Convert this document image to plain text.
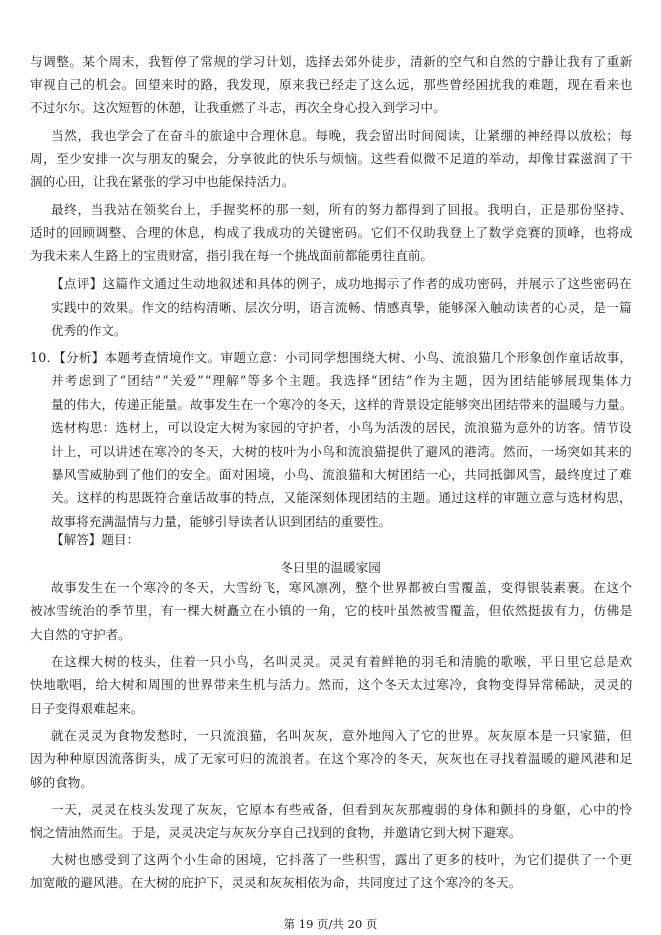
与调整。某个周末，我暂停了常规的学习计划，选择去郊外徒步，清新的空气和自然的宁静让我有了重新
审视自己的机会。回望来时的路，我发现，原来我已经走了这么远，那些曾经困扰我的难题，现在看来也
不过尔尔。这次短暂的休憩，让我重燃了斗志，再次全身心投入到学习中。
当然，我也学会了在奋斗的旅途中合理休息。每晚，我会留出时间阅读，让紧绷的神经得以放松；每
周，至少安排一次与朋友的聚会，分享彼此的快乐与烦恼。这些看似微不足道的举动，却像甘霖滋润了干
涸的心田，让我在紧张的学习中也能保持活力。
最终，当我站在领奖台上，手握奖杯的那一刻，所有的努力都得到了回报。我明白，正是那份坚持、
适时的回顾调整、合理的休息，构成了我成功的关键密码。它们不仅助我登上了数学竞赛的顶峰，也将成
为我未来人生路上的宝贵财富，指引我在每一个挑战面前都能勇往直前。
【点评】这篇作文通过生动地叙述和具体的例子，成功地揭示了作者的成功密码，并展示了这些密码在
实践中的效果。作文的结构清晰、层次分明，语言流畅、情感真挚，能够深入触动读者的心灵，是一篇
优秀的作文。
10．【分析】本题考查情境作文。审题立意：小司同学想围绕大树、小鸟、流浪猫几个形象创作童话故事，
并考虑到了“团结”“关爱”“理解”等多个主题。我选择“团结”作为主题，因为团结能够展现集体力
量的伟大，传递正能量。故事发生在一个寒冷的冬天，这样的背景设定能够突出团结带来的温暖与力量。
选材构思：选材上，可以设定大树为家园的守护者，小鸟为活泼的居民，流浪猫为意外的访客。情节设
计上，可以讲述在寒冷的冬天，大树的枝叶为小鸟和流浪猫提供了避风的港湾。然而，一场突如其来的
暴风雪威胁到了他们的安全。面对困境，小鸟、流浪猫和大树团结一心，共同抵御风雪，最终度过了难
关。这样的构思既符合童话故事的特点，又能深刻体现团结的主题。通过这样的审题立意与选材构思，
故事将充满温情与力量，能够引导读者认识到团结的重要性。
【解答】题目：
故事发生在一个寒冷的冬天，大雪纷飞，寒风凛冽，整个世界都被白雪覆盖，变得银装素裹。在这个
被冰雪统治的季节里，有一棵大树矗立在小镇的一角，它的枝叶虽然被雪覆盖，但依然挺拔有力，仿佛是
大自然的守护者。
在这棵大树的枝头，住着一只小鸟，名叫灵灵。灵灵有着鲜艳的羽毛和清脆的歌喉，平日里它总是欢
快地歌唱，给大树和周围的世界带来生机与活力。然而，这个冬天太过寒冷，食物变得异常稀缺，灵灵的
日子变得艰难起来。
就在灵灵为食物发愁时，一只流浪猫，名叫灰灰，意外地闯入了它的世界。灰灰原本是一只家猫，但
因为种种原因流落街头，成了无家可归的流浪者。在这个寒冷的冬天，灰灰也在寻找着温暖的避风港和足
够的食物。
一天，灵灵在枝头发现了灰灰，它原本有些戒备，但看到灰灰那瘦弱的身体和颤抖的身躯，心中的怜
悯之情油然而生。于是，灵灵决定与灰灰分享自己找到的食物，并邀请它到大树下避寒。
大树也感受到了这两个小生命的困境，它抖落了一些积雪，露出了更多的枝叶，为它们提供了一个更
加宽敞的避风港。在大树的庇护下，灵灵和灰灰相依为命，共同度过了这个寒冷的冬天。
冬日里的温暖家园
第 19 页/共 20 页
